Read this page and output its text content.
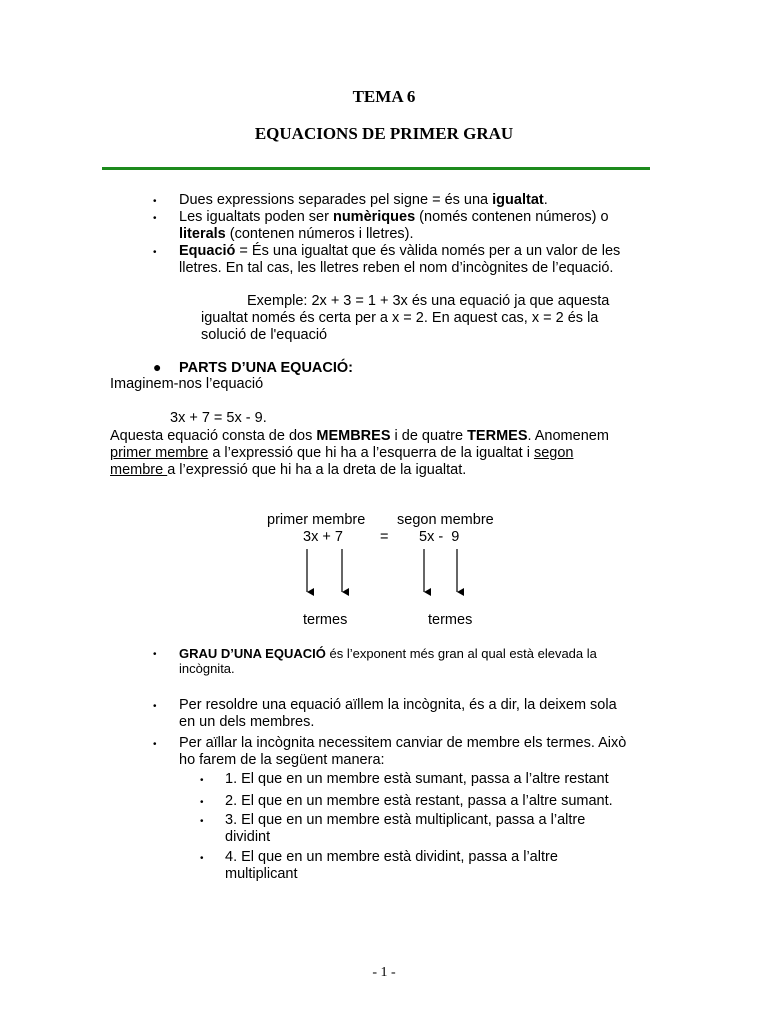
TEMA 6
EQUACIONS DE PRIMER GRAU
• Dues expressions separades pel signe = és una igualtat.
• Les igualtats poden ser numèriques (només contenen números) o
literals (contenen números i lletres).
• Equació = És una igualtat que és vàlida només per a un valor de les
lletres. En tal cas, les lletres reben el nom d’incògnites de l’equació.
Exemple: 2x + 3 = 1 + 3x és una equació ja que aquesta
igualtat només és certa per a x = 2. En aquest cas, x = 2 és la
solució de l'equació
● PARTS D’UNA EQUACIÓ:
Imaginem-nos l’equació
3x + 7 = 5x - 9.
Aquesta equació consta de dos MEMBRES i de quatre TERMES. Anomenem
primer membre a l’expressió que hi ha a l’esquerra de la igualtat i segon
membre a l’expressió que hi ha a la dreta de la igualtat.
primer membre segon membre
3x + 7	= 5x -  9
termes	termes
• GRAU D’UNA EQUACIÓ és l’exponent més gran al qual està elevada la
incògnita.
• Per resoldre una equació aïllem la incògnita, és a dir, la deixem sola
en un dels membres.
• Per aïllar la incògnita necessitem canviar de membre els termes. Això
ho farem de la següent manera:
• 1. El que en un membre està sumant, passa a l’altre restant
• 2. El que en un membre està restant, passa a l’altre sumant.
• 3. El que en un membre està multiplicant, passa a l’altre
dividint
• 4. El que en un membre està dividint, passa a l’altre
multiplicant
- 1 -
